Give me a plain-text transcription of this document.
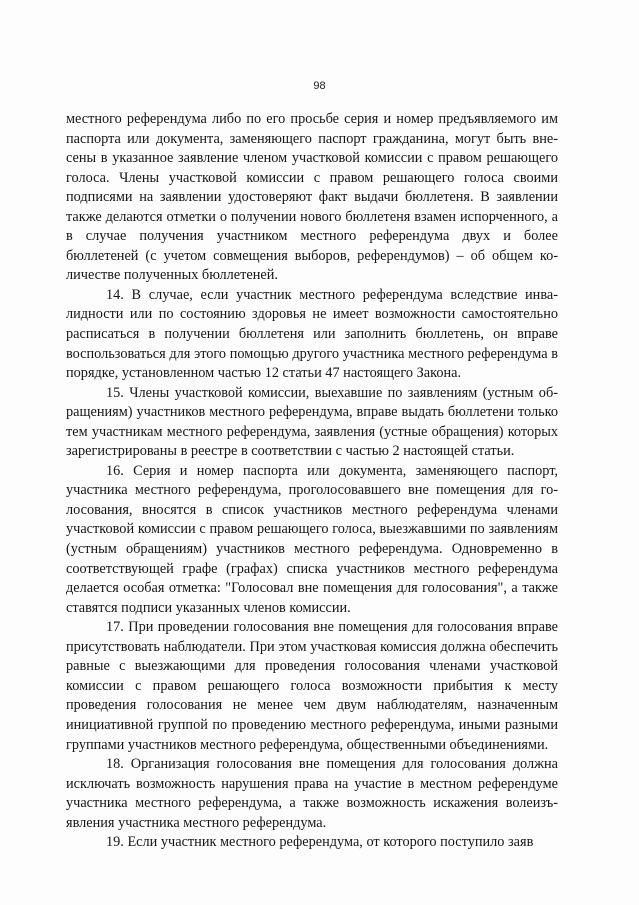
98

местного референдума либо по его просьбе серия и номер предъявляемого им паспорта или документа, заменяющего паспорт гражданина, могут быть внесены в указанное заявление членом участковой комиссии с правом решающего голоса. Члены участковой комиссии с правом решающего голоса своими подписями на заявлении удостоверяют факт выдачи бюллетеня. В заявлении также делаются отметки о получении нового бюллетеня взамен испорченного, а в случае получения участником местного референдума двух и более бюллетеней (с учетом совмещения выборов, референдумов) – об общем количестве полученных бюллетеней.

14. В случае, если участник местного референдума вследствие инвалидности или по состоянию здоровья не имеет возможности самостоятельно расписаться в получении бюллетеня или заполнить бюллетень, он вправе воспользоваться для этого помощью другого участника местного референдума в порядке, установленном частью 12 статьи 47 настоящего Закона.

15. Члены участковой комиссии, выехавшие по заявлениям (устным обращениям) участников местного референдума, вправе выдать бюллетени только тем участникам местного референдума, заявления (устные обращения) которых зарегистрированы в реестре в соответствии с частью 2 настоящей статьи.

16. Серия и номер паспорта или документа, заменяющего паспорт, участника местного референдума, проголосовавшего вне помещения для голосования, вносятся в список участников местного референдума членами участковой комиссии с правом решающего голоса, выезжавшими по заявлениям (устным обращениям) участников местного референдума. Одновременно в соответствующей графе (графах) списка участников местного референдума делается особая отметка: "Голосовал вне помещения для голосования", а также ставятся подписи указанных членов комиссии.

17. При проведении голосования вне помещения для голосования вправе присутствовать наблюдатели. При этом участковая комиссия должна обеспечить равные с выезжающими для проведения голосования членами участковой комиссии с правом решающего голоса возможности прибытия к месту проведения голосования не менее чем двум наблюдателям, назначенным инициативной группой по проведению местного референдума, иными разными группами участников местного референдума, общественными объединениями.

18. Организация голосования вне помещения для голосования должна исключать возможность нарушения права на участие в местном референдуме участника местного референдума, а также возможность искажения волеизъявления участника местного референдума.

19. Если участник местного референдума, от которого поступило заяв
